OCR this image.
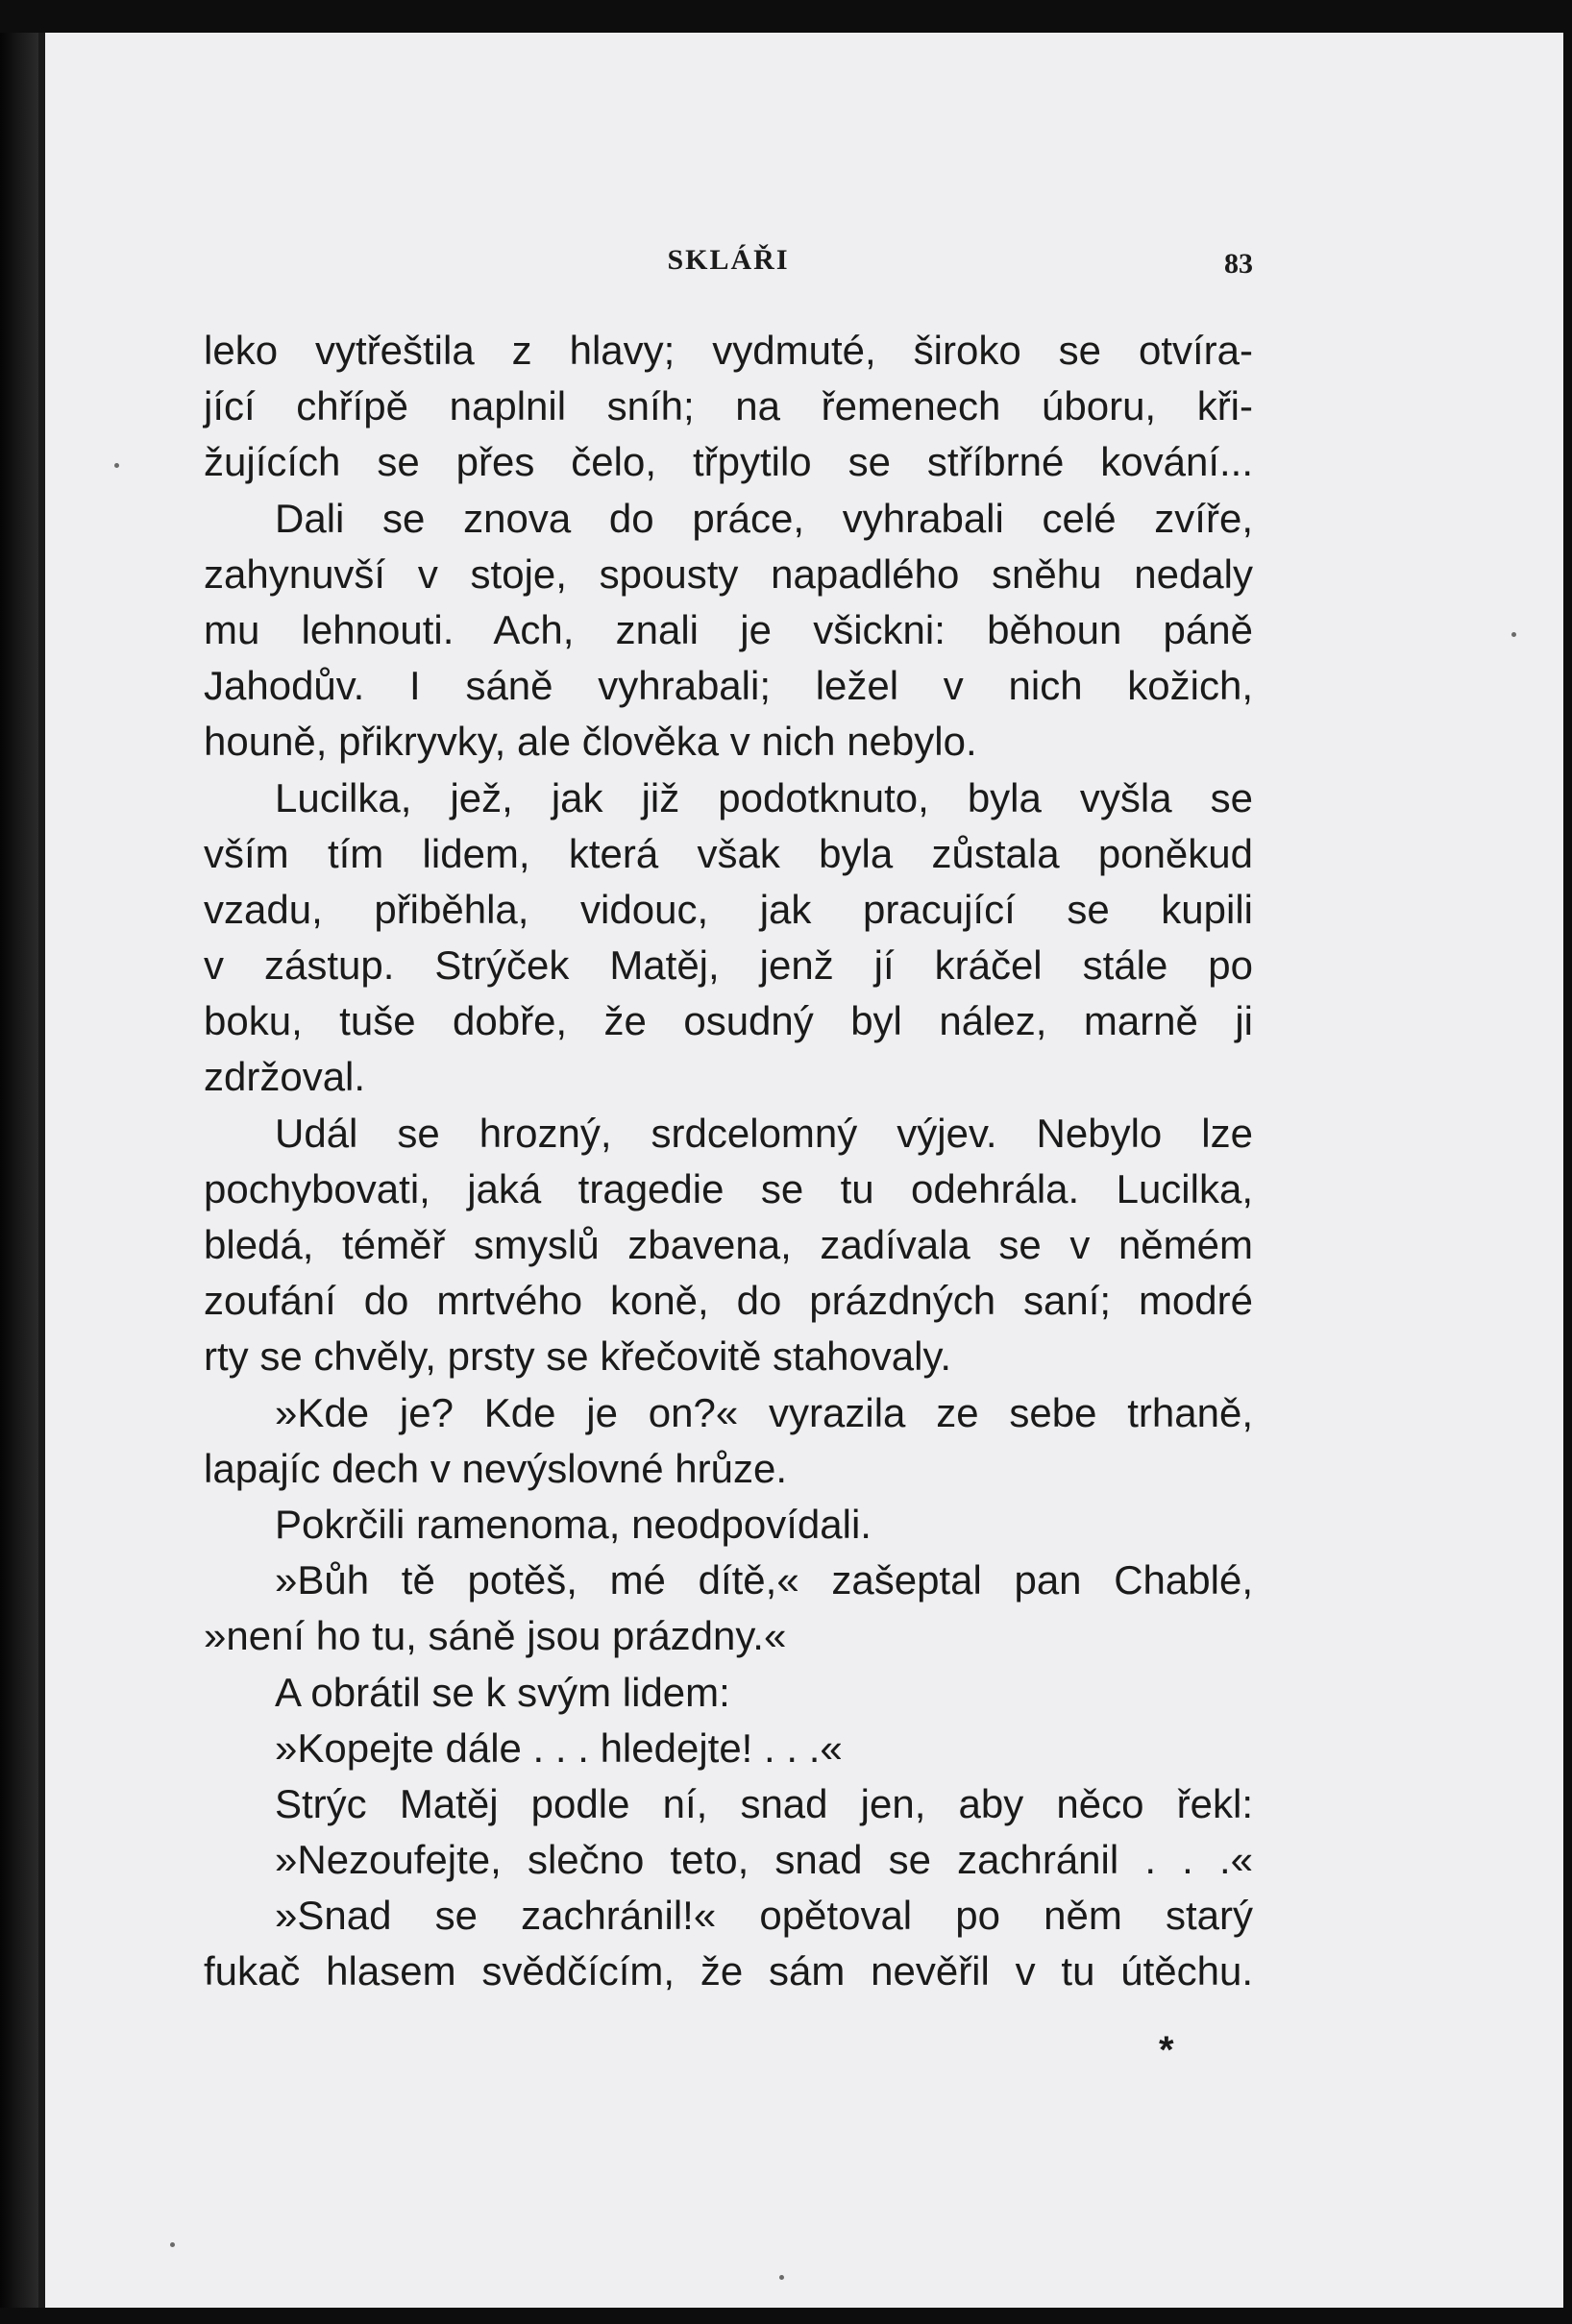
SKLÁŘI	83
leko vytřeštila z hlavy; vydmuté, široko se otvíra-
jící chřípě naplnil sníh; na řemenech úboru, kři-
žujících se přes čelo, třpytilo se stříbrné kování...
Dali se znova do práce, vyhrabali celé zvíře,
zahynuvší v stoje, spousty napadlého sněhu nedaly
mu lehnouti. Ach, znali je všickni: běhoun páně
Jahodův. I sáně vyhrabali; ležel v nich kožich,
houně, přikryvky, ale člověka v nich nebylo.
Lucilka, jež, jak již podotknuto, byla vyšla se
vším tím lidem, která však byla zůstala poněkud
vzadu, přiběhla, vidouc, jak pracující se kupili
v zástup. Strýček Matěj, jenž jí kráčel stále po
boku, tuše dobře, že osudný byl nález, marně ji
zdržoval.
Udál se hrozný, srdcelomný výjev. Nebylo lze
pochybovati, jaká tragedie se tu odehrála. Lucilka,
bledá, téměř smyslů zbavena, zadívala se v němém
zoufání do mrtvého koně, do prázdných saní; modré
rty se chvěly, prsty se křečovitě stahovaly.
»Kde je? Kde je on?« vyrazila ze sebe trhaně,
lapajíc dech v nevýslovné hrůze.
Pokrčili ramenoma, neodpovídali.
»Bůh tě potěš, mé dítě,« zašeptal pan Chablé,
»není ho tu, sáně jsou prázdny.«
A obrátil se k svým lidem:
»Kopejte dále . . . hledejte! . . .«
Strýc Matěj podle ní, snad jen, aby něco řekl:
»Nezoufejte, slečno teto, snad se zachránil . . .«
»Snad se zachránil!« opětoval po něm starý
fukač hlasem svědčícím, že sám nevěřil v tu útěchu.
*
